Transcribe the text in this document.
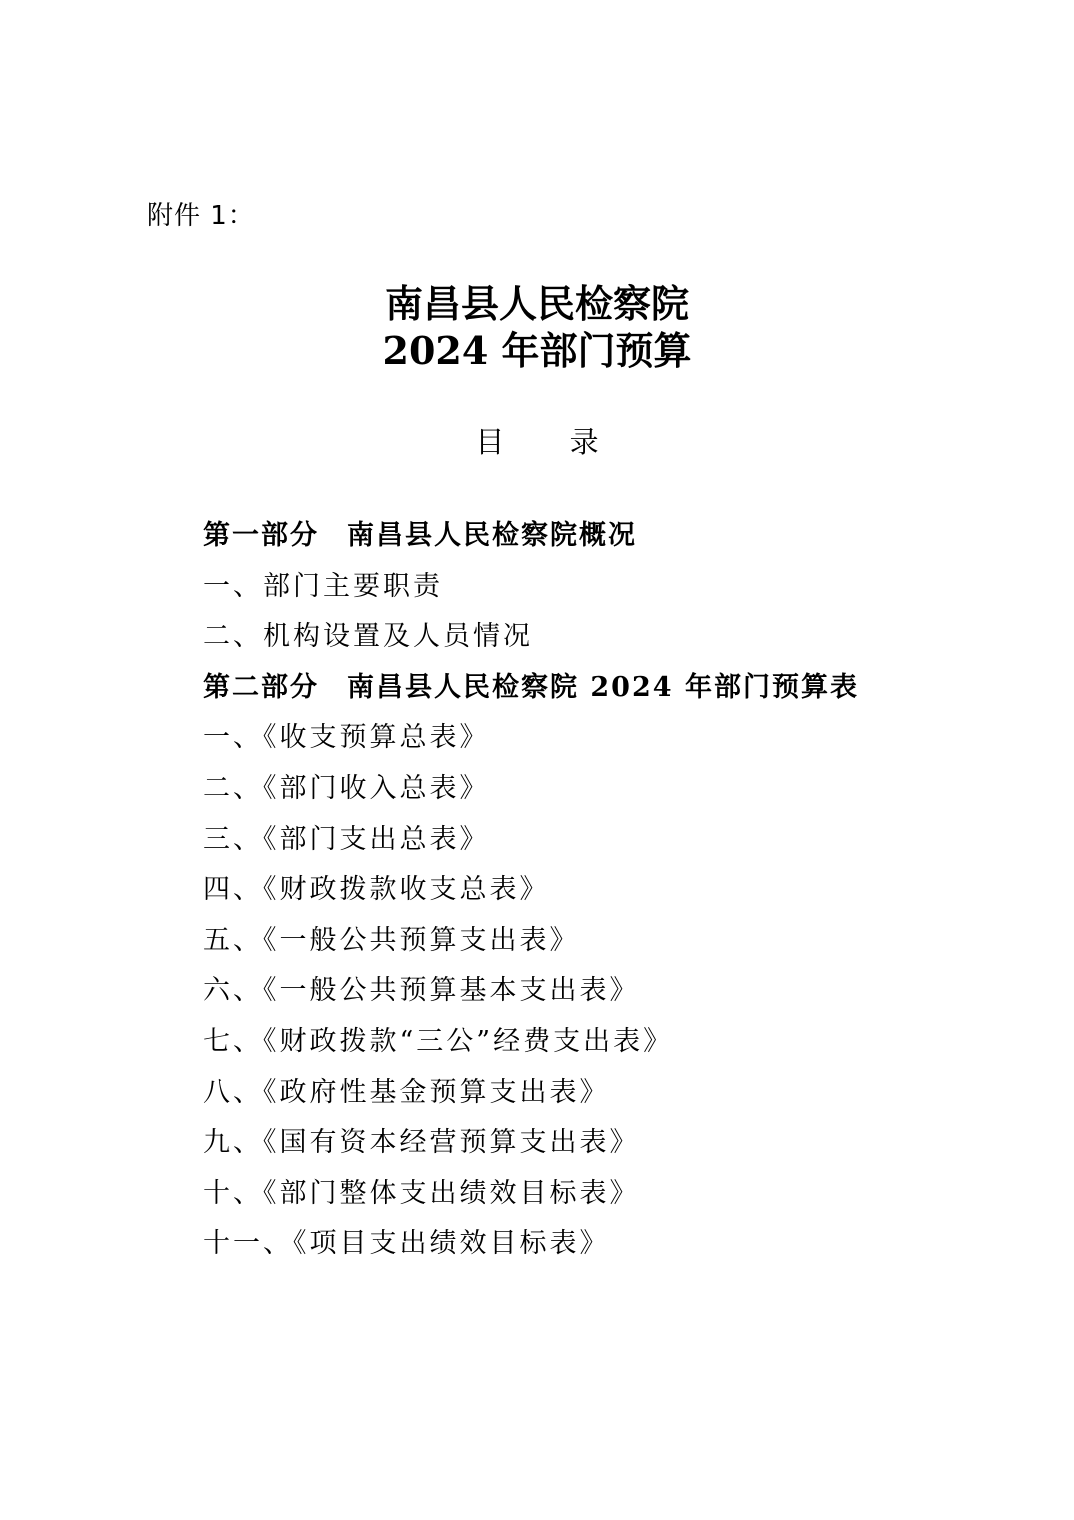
附件 1：
南昌县人民检察院
2024 年部门预算
目 录
第一部分 南昌县人民检察院概况
一、部门主要职责
二、机构设置及人员情况
第二部分 南昌县人民检察院 2024 年部门预算表
一、《收支预算总表》
二、《部门收入总表》
三、《部门支出总表》
四、《财政拨款收支总表》
五、《一般公共预算支出表》
六、《一般公共预算基本支出表》
七、《财政拨款“三公”经费支出表》
八、《政府性基金预算支出表》
九、《国有资本经营预算支出表》
十、《部门整体支出绩效目标表》
十一、《项目支出绩效目标表》
